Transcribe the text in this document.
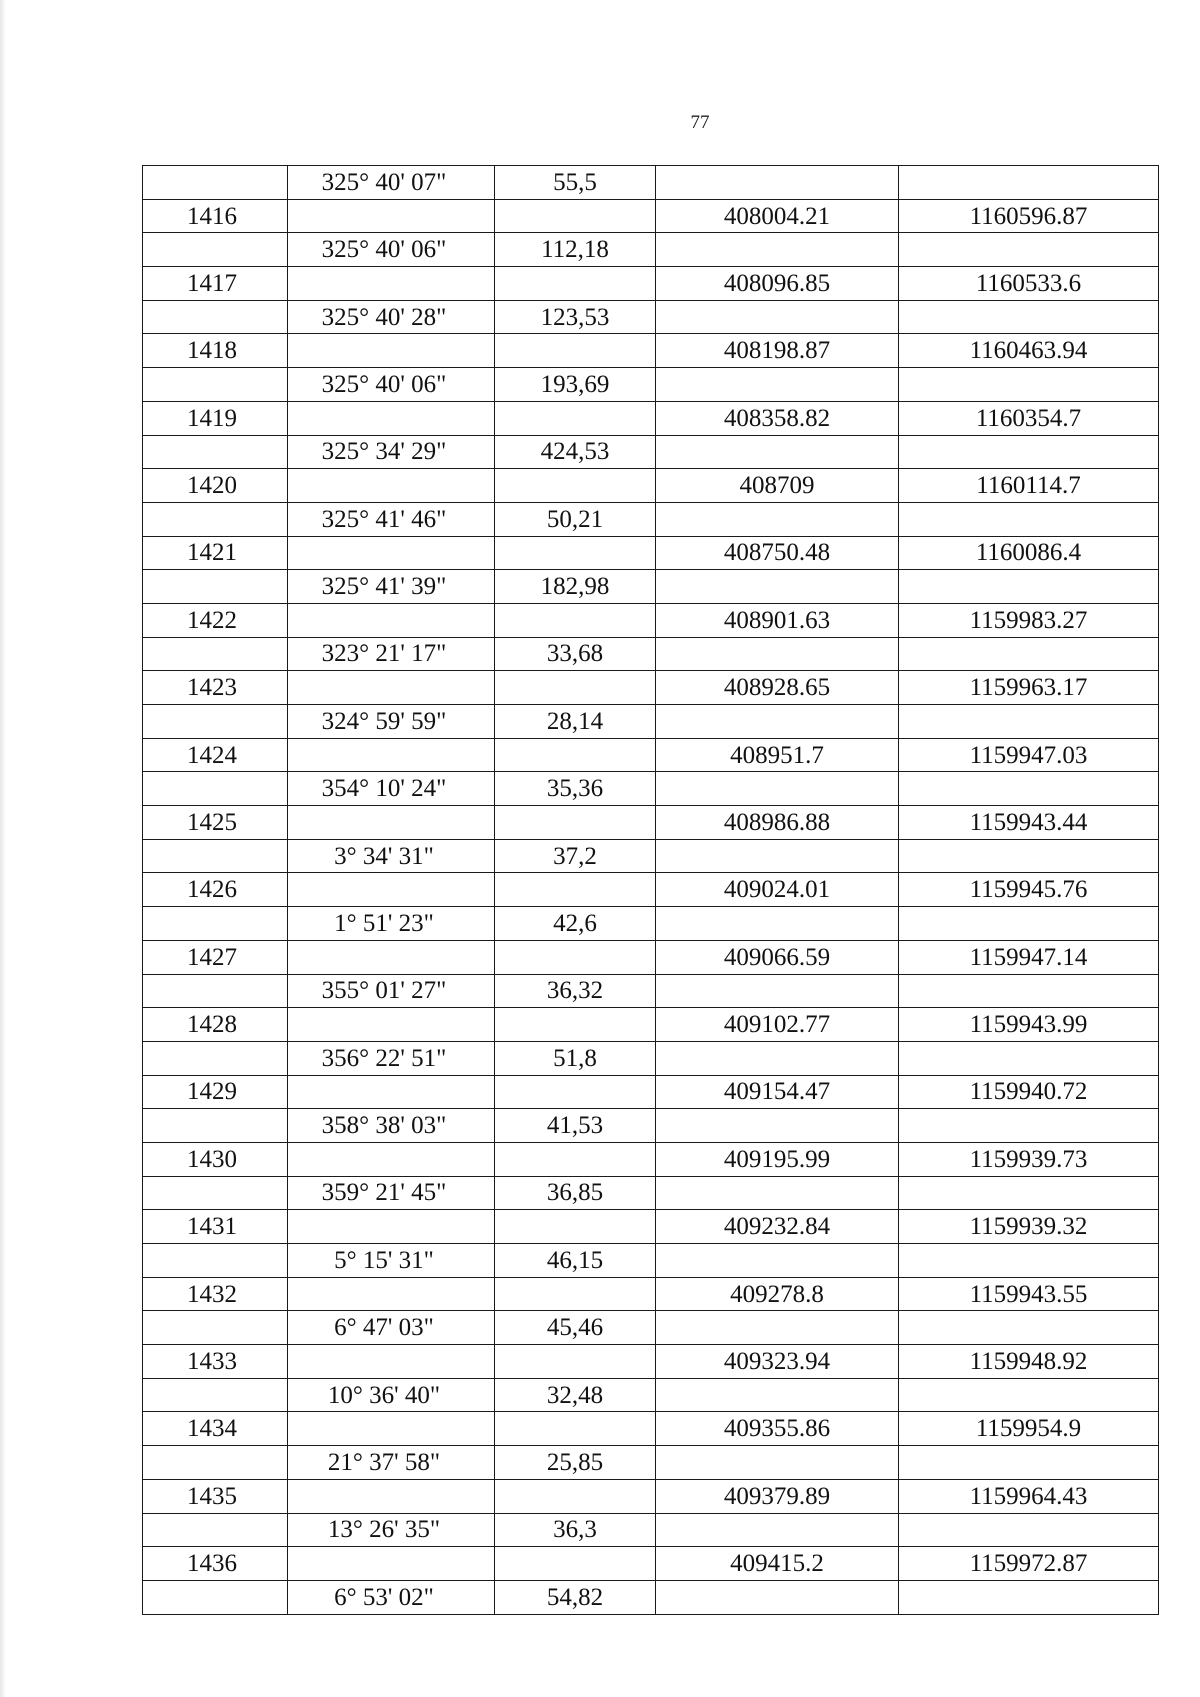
77
	325° 40' 07"	55,5		
1416			408004.21	1160596.87
	325° 40' 06"	112,18		
1417			408096.85	1160533.6
	325° 40' 28"	123,53		
1418			408198.87	1160463.94
	325° 40' 06"	193,69		
1419			408358.82	1160354.7
	325° 34' 29"	424,53		
1420			408709	1160114.7
	325° 41' 46"	50,21		
1421			408750.48	1160086.4
	325° 41' 39"	182,98		
1422			408901.63	1159983.27
	323° 21' 17"	33,68		
1423			408928.65	1159963.17
	324° 59' 59"	28,14		
1424			408951.7	1159947.03
	354° 10' 24"	35,36		
1425			408986.88	1159943.44
	3° 34' 31"	37,2		
1426			409024.01	1159945.76
	1° 51' 23"	42,6		
1427			409066.59	1159947.14
	355° 01' 27"	36,32		
1428			409102.77	1159943.99
	356° 22' 51"	51,8		
1429			409154.47	1159940.72
	358° 38' 03"	41,53		
1430			409195.99	1159939.73
	359° 21' 45"	36,85		
1431			409232.84	1159939.32
	5° 15' 31"	46,15		
1432			409278.8	1159943.55
	6° 47' 03"	45,46		
1433			409323.94	1159948.92
	10° 36' 40"	32,48		
1434			409355.86	1159954.9
	21° 37' 58"	25,85		
1435			409379.89	1159964.43
	13° 26' 35"	36,3		
1436			409415.2	1159972.87
	6° 53' 02"	54,82		
